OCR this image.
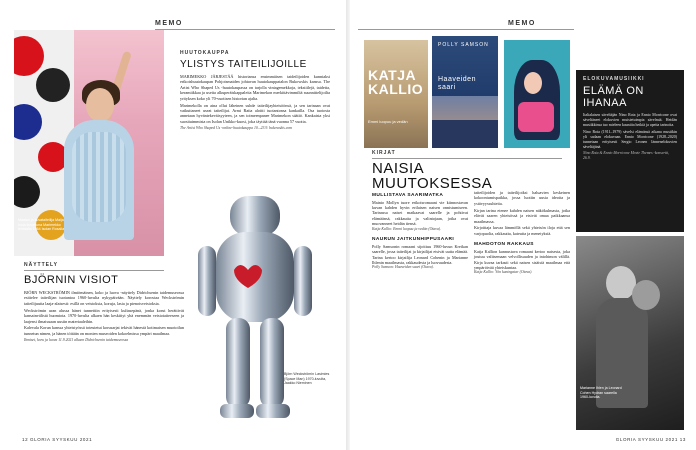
MEMO
Maalari ja kuvataiteilija Maija Isola kuvattuna Marimekko tehtaalla 1964 Isolan Rosalia
HUUTOKAUPPA
YLISTYS TAITEILIJOILLE

MARIMEKKO JÄRJESTÄÄ historiansa ensimmäisen taideilijoiden kunniaksi erikoishuutokaupan Pohjoismaiden johtavan huutokauppatalon Bukowskis kanssa. The Artist Who Shaped Us -huutokaupassa on tarjolla vintagemekkoja, tekstiilejä, taidetta, keramiikkaa ja useita alkuperäiskappaleita Marimekon merkittävimmiltä suunnittelijoilta yrityksen koko yli 70-vuotisen historian ajalta.

Marimekolla on aina ollut läheinen suhde taiteilijayhteisöönsä, ja sen tarinaan ovat vaikuttaneet useat taiteilijat. Armi Ratia aloitti tuotantonsa kankailla. Osa tuotosta annetaan hyväntekeväisyyteen, ja sen toimeenpanee Marimekon säätiö. Kankaista yksi suosituimmista on Isolan Unikko-kuosi, joka täyttää tänä vuonna 57 vuotta.

The Artist Who Shaped Us -online-huutokauppa 10.–23.9. bukowskis.com
NÄYTTELY
BJÖRNIN VISIOT

BJÖRN WECKSTRÖMIN ilmiömäinen, koko ja luova -näyttely Didrichsenin taidemuseossa esittelee taiteilijan tuotantoa 1960-luvulta nykypäivään. Näyttely korostaa Weckströmin taiteilijuutta laaja-alaisesti: esillä on veistoksia, koruja, lasia ja pienoisveistoksia.

Weckströmin uran alussa hänet tunnettiin erityisesti kultasepänä, jonka korut herättivät kansainvälistä huomiota. 1970-luvulta alkaen hän keskittyi yhä enemmän veistotaiteeseen ja laajensi ilmaisuaan uusiin materiaaleihin.

Kalevala Korun kanssa yhteistyössä toteutetut korusarjat tekivät hänestä kotimaisen muotoilun tunnetun nimen, ja hänen töitään on monien museoiden kokoelmissa ympäri maailmaa.

Ihmiset, koru ja luova 11.9.2021 alkaen Didrichsenin taidemuseossa
Björn Weckströmin Lasimies (Space Man) 1970-luvulta, Jaakko Nieminen
12 GLORIA SYYSKUU 2021
MEMO
GLORIA SYYSKUU 2021 13
KATJA KALLIO
Emmi luopuu ja vedän
POLLY SAMSON
Haaveiden saari
KIRJAT
NAISIA
MUUTOKSESSA
MULLISTAVA SAARIMATKA
Mainio Mollyn tuore erikoisromaani vie kiinnostavan kuvan kahden hyvin erilaisen naisen onnistumiseen. Tarinassa naiset matkaavat saarelle ja pohtivat elämäänsä, rakkautta ja valintojaan, jotka ovat muovanneet heidän tiensä.
Katja Kallio: Emmi luopuu ja vedän (Otava).
NAURUN JAITKUNHIPPUSAARI
Polly Samsonin romaani sijoittuu 1960-luvun Kreikan saarelle, jossa taiteilijat ja kirjailijat etsivät uutta elämää. Tarina kertoo kirjailija Leonard Cohenin ja Marianne Ihlenin maailmasta, rakkaudesta ja luovuudesta.
Polly Samson: Haaveiden saari (Otava).

taiteilijoiden ja taiteilijoiksi haluavien keskeinen kokoontumispaikka, jossa luotiin uusia ideoita ja ystävyyssuhteita.

Kirjan tarina etenee kahden naisen näkökulmasta, jotka elävät saaren yhteisössä ja etsivät omaa paikkaansa maailmassa.

Kirjoittaja kuvaa lämmöllä sekä yhteisön iloja että sen varjopuolia, rakkautta, kateutta ja menetyksiä.

MAHDOTON RAKKAUS
Katja Kallion kannustava romaani kertoo naisesta, joka joutuu valitsemaan velvollisuuden ja intohimon välillä. Kirja kuvaa tarkasti sekä naisen sisäistä maailmaa että ympäröivää yhteiskuntaa.
Katja Kallio: Yön kuningatar (Otava).
ELOKUVAMUSIIKKI
ELÄMÄ ON
IHANAA

Italialaisen säveltäjän Nino Rota ja Ennio Morricone ovat säveltäneet elokuvien muistetuimpia sävelmiä. Heidän musiikkinsa tuo mieleen kauniita hetkiä ja upeita tarinoita.

Nino Rota (1911–1979) sävelsi elämänsä aikana musiikin yli sadaan elokuvaan. Ennio Morricone (1928–2020) tunnetaan erityisesti Sergio Leonen lännenelokuvien säveltäjänä.

Nino Rota & Ennio Morricone Movie Themes -konsertti, 26.9.
Marianne Ihlen ja Leonard Cohen Hydran saarella 1960-luvulla.
